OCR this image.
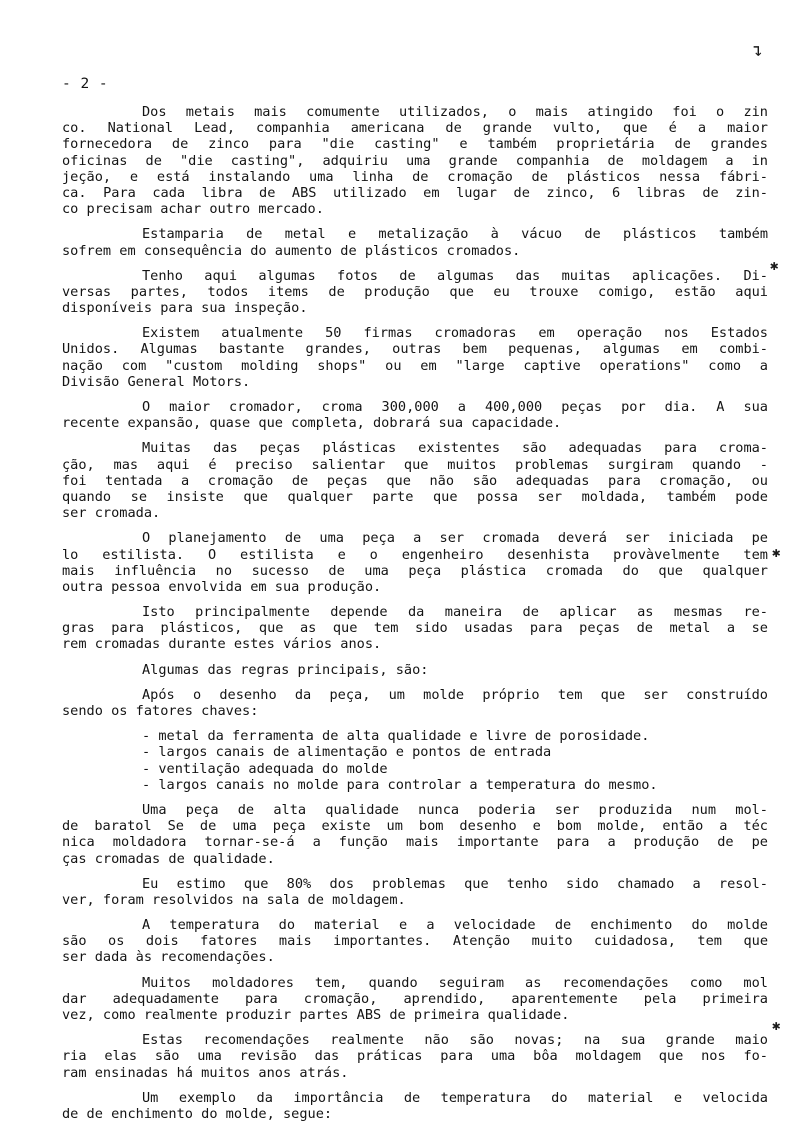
- 2 -
Dos metais mais comumente utilizados, o mais atingido foi o zin
co. National Lead, companhia americana de grande vulto, que é a maior
fornecedora de zinco para "die casting" e também proprietária de grandes
oficinas de "die casting", adquiriu uma grande companhia de moldagem a in
jeção, e está instalando uma linha de cromação de plásticos nessa fábri-
ca. Para cada libra de ABS utilizado em lugar de zinco, 6 libras de zin-
co precisam achar outro mercado.
Estamparia de metal e metalização à vácuo de plásticos também
sofrem em consequência do aumento de plásticos cromados.
Tenho aqui algumas fotos de algumas das muitas aplicações. Di-
versas partes, todos items de produção que eu trouxe comigo, estão aqui
disponíveis para sua inspeção.
Existem atualmente 50 firmas cromadoras em operação nos Estados
Unidos. Algumas bastante grandes, outras bem pequenas, algumas em combi-
nação com "custom molding shops" ou em "large captive operations" como a
Divisão General Motors.
O maior cromador, croma 300,000 a 400,000 peças por dia. A sua
recente expansão, quase que completa, dobrará sua capacidade.
Muitas das peças plásticas existentes são adequadas para croma-
ção, mas aqui é preciso salientar que muitos problemas surgiram quando -
foi tentada a cromação de peças que não são adequadas para cromação, ou
quando se insiste que qualquer parte que possa ser moldada, também pode
ser cromada.
O planejamento de uma peça a ser cromada deverá ser iniciada pe
lo estilista. O estilista e o engenheiro desenhista provàvelmente tem
mais influência no sucesso de uma peça plástica cromada do que qualquer
outra pessoa envolvida em sua produção.
Isto principalmente depende da maneira de aplicar as mesmas re-
gras para plásticos, que as que tem sido usadas para peças de metal a se
rem cromadas durante estes vários anos.
Algumas das regras principais, são:
Após o desenho da peça, um molde próprio tem que ser construído
sendo os fatores chaves:
- metal da ferramenta de alta qualidade e livre de porosidade.
- largos canais de alimentação e pontos de entrada
- ventilação adequada do molde
- largos canais no molde para controlar a temperatura do mesmo.
Uma peça de alta qualidade nunca poderia ser produzida num mol-
de baratol Se de uma peça existe um bom desenho e bom molde, então a téc
nica moldadora tornar-se-á a função mais importante para a produção de pe
ças cromadas de qualidade.
Eu estimo que 80% dos problemas que tenho sido chamado a resol-
ver, foram resolvidos na sala de moldagem.
A temperatura do material e a velocidade de enchimento do molde
são os dois fatores mais importantes. Atenção muito cuidadosa, tem que
ser dada às recomendações.
Muitos moldadores tem, quando seguiram as recomendações como mol
dar adequadamente para cromação, aprendido, aparentemente pela primeira
vez, como realmente produzir partes ABS de primeira qualidade.
Estas recomendações realmente não são novas; na sua grande maio
ria elas são uma revisão das práticas para uma bôa moldagem que nos fo-
ram ensinadas há muitos anos atrás.
Um exemplo da importância de temperatura do material e velocida
de de enchimento do molde, segue:
✱
✱
✱
↴
